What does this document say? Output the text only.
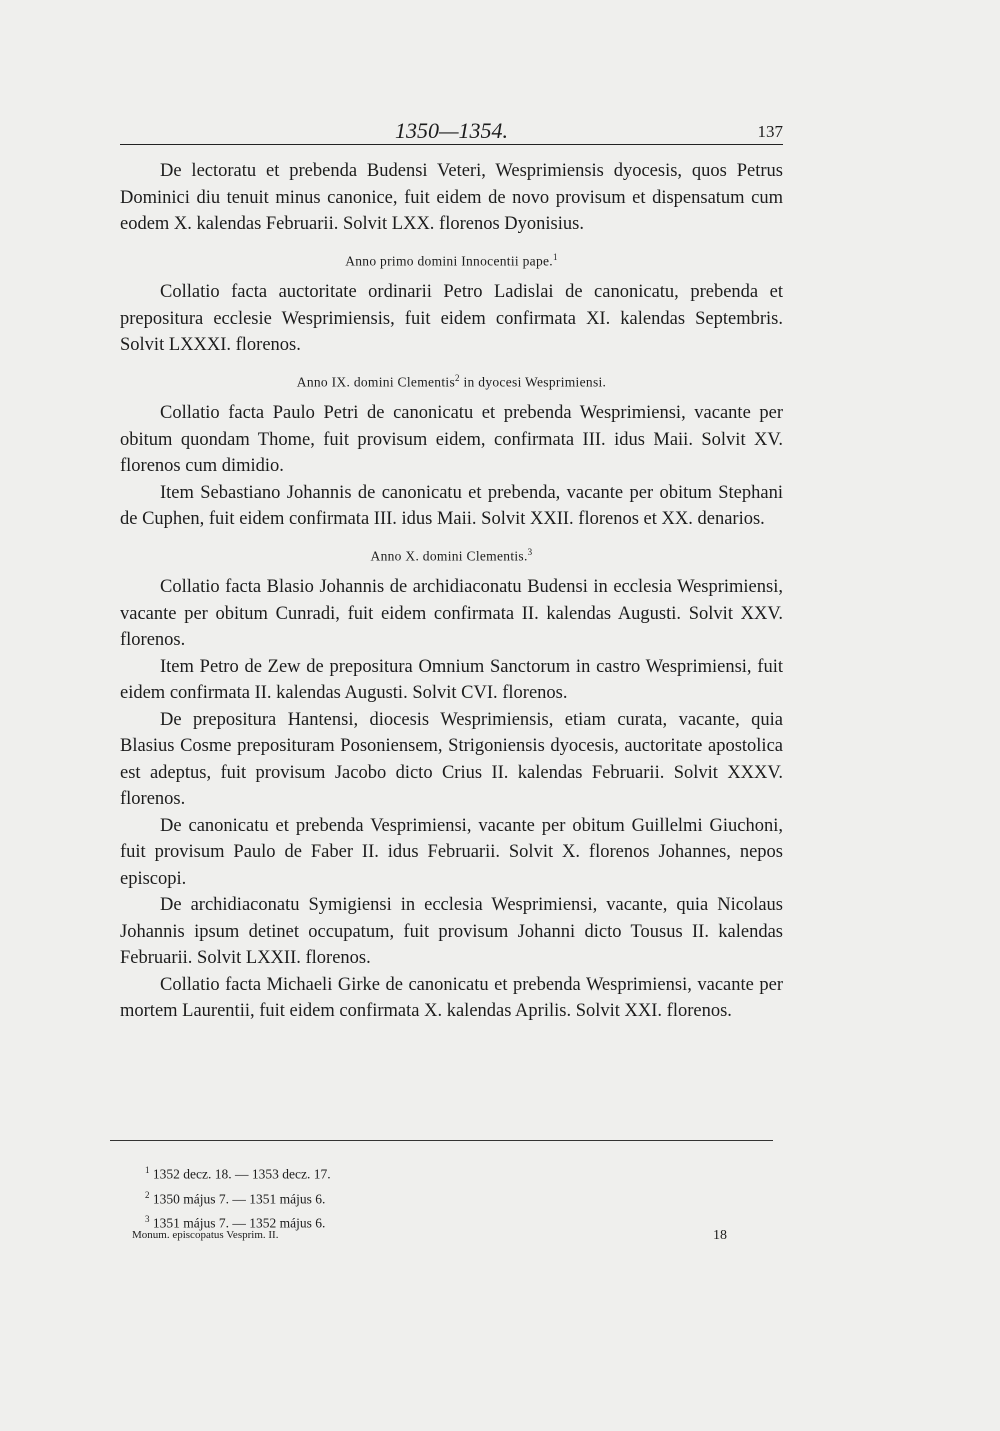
1350—1354.	137

De lectoratu et prebenda Budensi Veteri, Wesprimiensis dyocesis, quos Petrus Dominici diu tenuit minus canonice, fuit eidem de novo provisum et dispensatum cum eodem X. kalendas Februarii. Solvit LXX. florenos Dyonisius.

Anno primo domini Innocentii pape.$^1$

Collatio facta auctoritate ordinarii Petro Ladislai de canonicatu, prebenda et prepositura ecclesie Wesprimiensis, fuit eidem confirmata XI. kalendas Septembris. Solvit LXXXI. florenos.

Anno IX. domini Clementis$^2$ in dyocesi Wesprimiensi.

Collatio facta Paulo Petri de canonicatu et prebenda Wesprimiensi, vacante per obitum quondam Thome, fuit provisum eidem, confirmata III. idus Maii. Solvit XV. florenos cum dimidio.

Item Sebastiano Johannis de canonicatu et prebenda, vacante per obitum Stephani de Cuphen, fuit eidem confirmata III. idus Maii. Solvit XXII. florenos et XX. denarios.

Anno X. domini Clementis.$^3$

Collatio facta Blasio Johannis de archidiaconatu Budensi in ecclesia Wesprimiensi, vacante per obitum Cunradi, fuit eidem confirmata II. kalendas Augusti. Solvit XXV. florenos.

Item Petro de Zew de prepositura Omnium Sanctorum in castro Wesprimiensi, fuit eidem confirmata II. kalendas Augusti. Solvit CVI. florenos.

De prepositura Hantensi, diocesis Wesprimiensis, etiam curata, vacante, quia Blasius Cosme preposituram Posoniensem, Strigoniensis dyocesis, auctoritate apostolica est adeptus, fuit provisum Jacobo dicto Crius II. kalendas Februarii. Solvit XXXV. florenos.

De canonicatu et prebenda Vesprimiensi, vacante per obitum Guillelmi Giuchoni, fuit provisum Paulo de Faber II. idus Februarii. Solvit X. florenos Johannes, nepos episcopi.

De archidiaconatu Symigiensi in ecclesia Wesprimiensi, vacante, quia Nicolaus Johannis ipsum detinet occupatum, fuit provisum Johanni dicto Tousus II. kalendas Februarii. Solvit LXXII. florenos.

Collatio facta Michaeli Girke de canonicatu et prebenda Wesprimiensi, vacante per mortem Laurentii, fuit eidem confirmata X. kalendas Aprilis. Solvit XXI. florenos.

$^1$ 1352 decz. 18. — 1353 decz. 17.
$^2$ 1350 május 7. — 1351 május 6.
$^3$ 1351 május 7. — 1352 május 6.
Monum. episcopatus Vesprim. II.	18
